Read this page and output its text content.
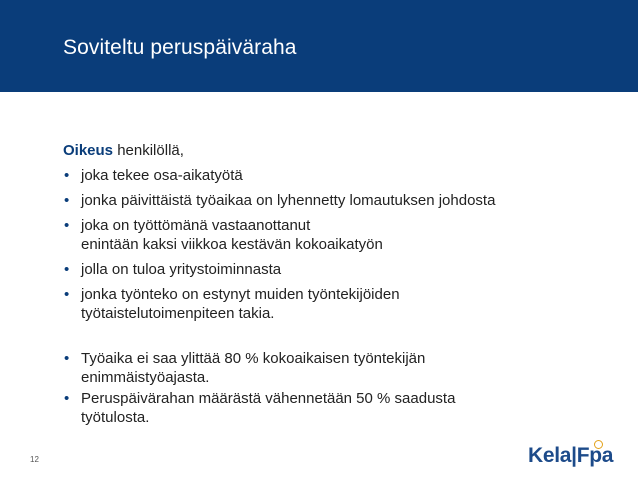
Soviteltu peruspäiväraha

Oikeus henkilöllä,

• joka tekee osa-aikatyötä
• jonka päivittäistä työaikaa on lyhennetty lomautuksen johdosta
• joka on työttömänä vastaanottanut
enintään kaksi viikkoa kestävän kokoaikatyön
• jolla on tuloa yritystoiminnasta
• jonka työnteko on estynyt muiden työntekijöiden
työtaistelutoimenpiteen takia.
• Työaika ei saa ylittää 80 % kokoaikaisen työntekijän
enimmäistyöajasta.
• Peruspäivärahan määrästä vähennetään 50 % saadusta
työtulosta.
12	Kela|Fpa
